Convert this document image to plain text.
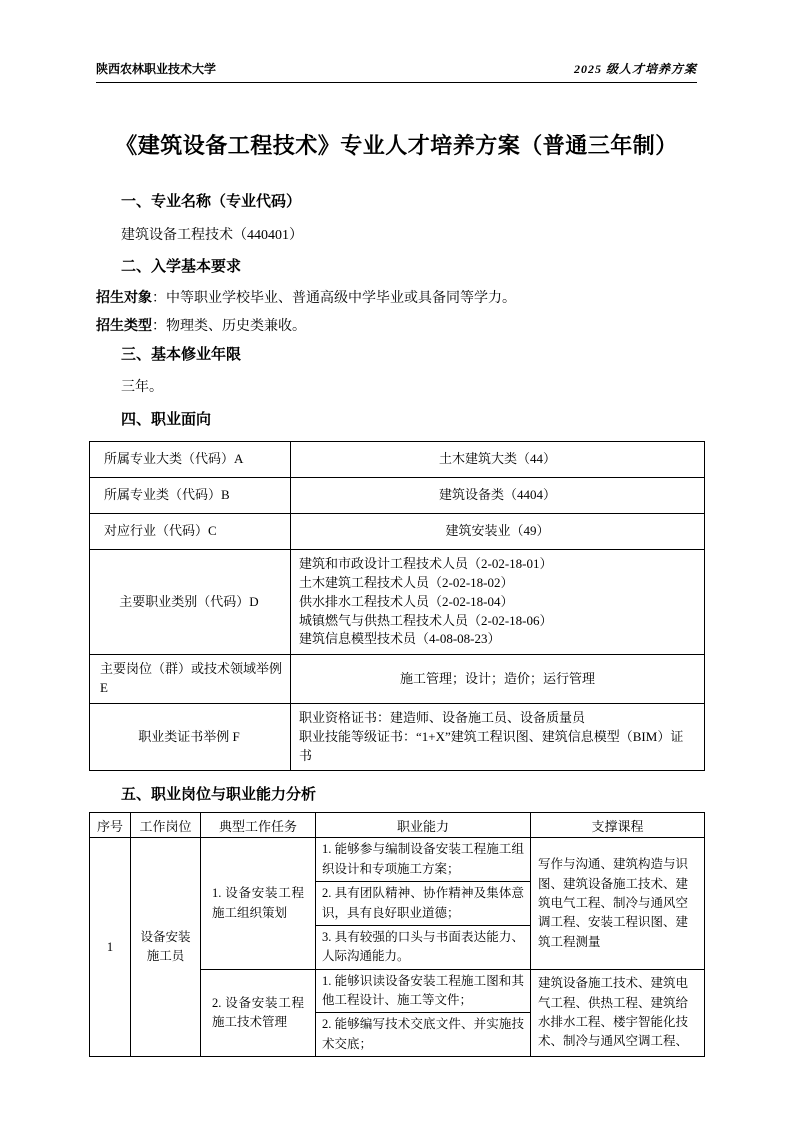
陕西农林职业技术大学	2025 级人才培养方案
《建筑设备工程技术》专业人才培养方案（普通三年制）
一、专业名称（专业代码）

建筑设备工程技术（440401）

二、入学基本要求

招生对象：中等职业学校毕业、普通高级中学毕业或具备同等学力。

招生类型：物理类、历史类兼收。

三、基本修业年限

三年。

四、职业面向
所属专业大类（代码）A	土木建筑大类（44）
所属专业类（代码）B	建筑设备类（4404）
对应行业（代码）C	建筑安装业（49）
主要职业类别（代码）D	建筑和市政设计工程技术人员（2-02-18-01）
土木建筑工程技术人员（2-02-18-02）
供水排水工程技术人员（2-02-18-04）
城镇燃气与供热工程技术人员（2-02-18-06）
建筑信息模型技术员（4-08-08-23）

主要岗位（群）或技术领域举例 E	施工管理；设计；造价；运行管理
职业类证书举例 F	职业资格证书：建造师、设备施工员、设备质量员
职业技能等级证书：“1+X”建筑工程识图、建筑信息模型（BIM）证书
五、职业岗位与职业能力分析
序号	工作岗位	典型工作任务	职业能力	支撑课程
1	设备安装施工员	1. 设备安装工程施工组织策划	1. 能够参与编制设备安装工程施工组织设计和专项施工方案；	写作与沟通、建筑构造与识图、建筑设备施工技术、建筑电气工程、制冷与通风空调工程、安装工程识图、建筑工程测量
			2. 具有团队精神、协作精神及集体意识，具有良好职业道德；	
			3. 具有较强的口头与书面表达能力、人际沟通能力。	
		2. 设备安装工程施工技术管理	1. 能够识读设备安装工程施工图和其他工程设计、施工等文件；	建筑设备施工技术、建筑电气工程、供热工程、建筑给水排水工程、楼宇智能化技术、制冷与通风空调工程、
			2. 能够编写技术交底文件、并实施技术交底；	
